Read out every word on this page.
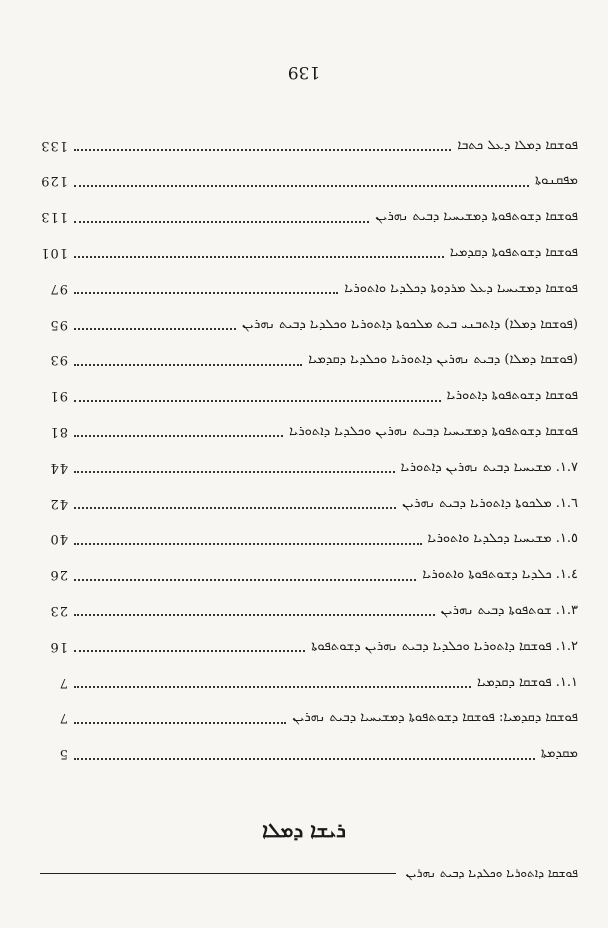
139
133	ܦܘܫܩܐ ܕܡܠܐ ܕܥܠ ܟܬܒܐ
129	ܡܦܩܢܘܬܐ
113	ܦܘܫܩܐ ܕܫܘܬܦܘܬܐ ܕܡܫܝܚܝܐ ܕܒܝܬ ܢܗܪܝܢ
101	ܦܘܫܩܐ ܕܫܘܬܦܘܬܐ ܕܩܕܡܝܐ
97	ܦܘܫܩܐ ܕܡܫܝܚܝܐ ܕܥܠ ܡܪܕܘܬܐ ܕܟܠܕܝܐ ܘܐܬܘܪܝܐ
95	(ܦܘܫܩܐ ܕܡܠܐ) ܕܐܬܒܢܝ ܒܝܬ ܡܠܟܘܬܐ ܕܐܬܘܪܝܐ ܘܟܠܕܝܐ ܕܒܝܬ ܢܗܪܝܢ
93	(ܦܘܫܩܐ ܕܡܠܐ) ܕܒܝܬ ܢܗܪܝܢ ܕܐܬܘܪܝܐ ܘܟܠܕܝܐ ܕܩܕܡܝܐ
91	ܦܘܫܩܐ ܕܫܘܬܦܘܬܐ ܕܐܬܘܪܝܐ
81	ܦܘܫܩܐ ܕܫܘܬܦܘܬܐ ܕܡܫܝܚܝܐ ܕܒܝܬ ܢܗܪܝܢ ܘܟܠܕܝܐ ܕܐܬܘܪܝܐ
44	١.٧. ܡܫܝܚܝܐ ܕܒܝܬ ܢܗܪܝܢ ܕܐܬܘܪܝܐ
42	١.٦. ܡܠܟܘܬܐ ܕܐܬܘܪܝܐ ܕܒܝܬ ܢܗܪܝܢ
40	١.٥. ܡܫܝܚܝܐ ܕܟܠܕܝܐ ܘܐܬܘܪܝܐ
26	١.٤. ܟܠܕܝܐ ܕܫܘܬܦܘܬܐ ܘܐܬܘܪܝܐ
23	١.٣. ܫܘܬܦܘܬܐ ܕܒܝܬ ܢܗܪܝܢ
16	١.٢. ܦܘܫܩܐ ܕܐܬܘܪܝܐ ܘܟܠܕܝܐ ܕܒܝܬ ܢܗܪܝܢ ܕܫܘܬܦܘܬܐ
7	١.١. ܦܘܫܩܐ ܕܩܕܡܝܐ
7	ܦܘܫܩܐ ܕܩܕܡܝܐ: ܦܘܫܩܐ ܕܫܘܬܦܘܬܐ ܕܡܫܝܚܝܐ ܕܒܝܬ ܢܗܪܝܢ
5	ܡܩܕܡܬܐ
ܪܝܫܐ ܕܡܠܐ
ܦܘܫܩܐ ܕܐܬܘܪܝܐ ܘܟܠܕܝܐ ܕܒܝܬ ܢܗܪܝܢ
